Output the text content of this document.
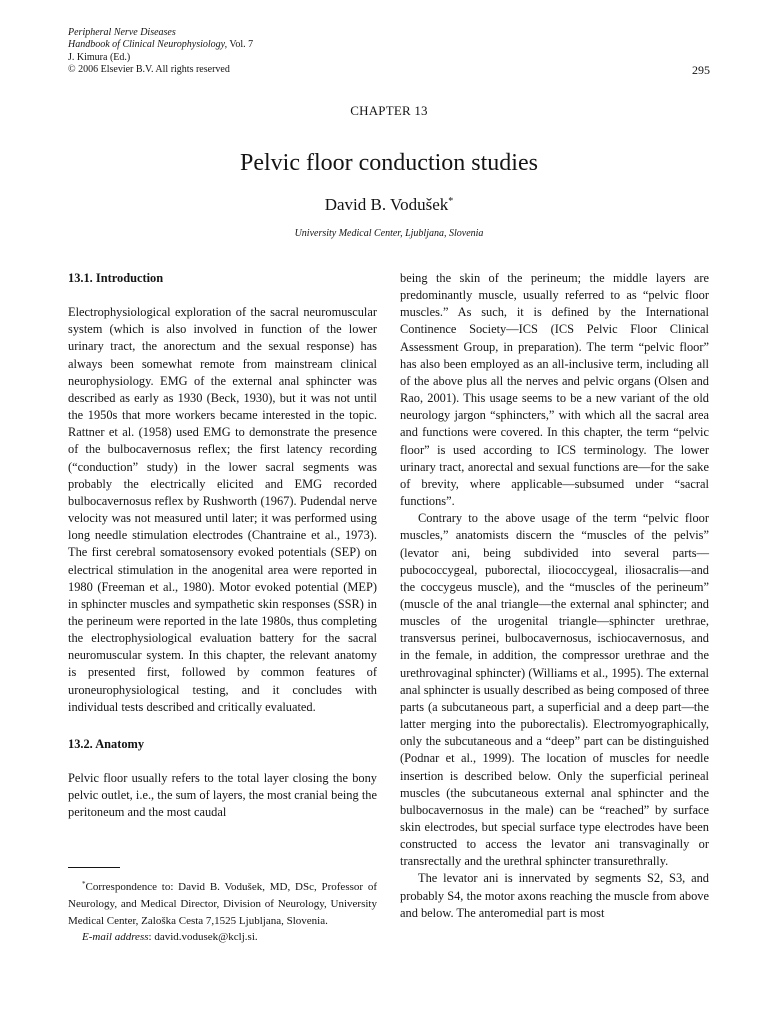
Peripheral Nerve Diseases
Handbook of Clinical Neurophysiology, Vol. 7
J. Kimura (Ed.)
© 2006 Elsevier B.V. All rights reserved	295
CHAPTER 13
Pelvic floor conduction studies
David B. Vodušek*
University Medical Center, Ljubljana, Slovenia
13.1. Introduction

Electrophysiological exploration of the sacral neuromuscular system (which is also involved in function of the lower urinary tract, the anorectum and the sexual response) has always been somewhat remote from mainstream clinical neurophysiology. EMG of the external anal sphincter was described as early as 1930 (Beck, 1930), but it was not until the 1950s that more workers became interested in the topic. Rattner et al. (1958) used EMG to demonstrate the presence of the bulbocavernosus reflex; the first latency recording (“conduction” study) in the lower sacral segments was probably the electrically elicited and EMG recorded bulbocavernosus reflex by Rushworth (1967). Pudendal nerve velocity was not measured until later; it was performed using long needle stimulation electrodes (Chantraine et al., 1973). The first cerebral somatosensory evoked potentials (SEP) on electrical stimulation in the anogenital area were reported in 1980 (Freeman et al., 1980). Motor evoked potential (MEP) in sphincter muscles and sympathetic skin responses (SSR) in the perineum were reported in the late 1980s, thus completing the electrophysiological evaluation battery for the sacral neuromuscular system. In this chapter, the relevant anatomy is presented first, followed by common features of uroneurophysiological testing, and it concludes with individual tests described and critically evaluated.

13.2. Anatomy

Pelvic floor usually refers to the total layer closing the bony pelvic outlet, i.e., the sum of layers, the most cranial being the peritoneum and the most caudal

*Correspondence to: David B. Vodušek, MD, DSc, Professor of Neurology, and Medical Director, Division of Neurology, University Medical Center, Zaloška Cesta 7,1525 Ljubljana, Slovenia.

E-mail address: david.vodusek@kclj.si.

being the skin of the perineum; the middle layers are predominantly muscle, usually referred to as “pelvic floor muscles.” As such, it is defined by the International Continence Society—ICS (ICS Pelvic Floor Clinical Assessment Group, in preparation). The term “pelvic floor” has also been employed as an all-inclusive term, including all of the above plus all the nerves and pelvic organs (Olsen and Rao, 2001). This usage seems to be a new variant of the old neurology jargon “sphincters,” with which all the sacral area and functions were covered. In this chapter, the term “pelvic floor” is used according to ICS terminology. The lower urinary tract, anorectal and sexual functions are—for the sake of brevity, where applicable—subsumed under “sacral functions”.

Contrary to the above usage of the term “pelvic floor muscles,” anatomists discern the “muscles of the pelvis” (levator ani, being subdivided into several parts—pubococcygeal, puborectal, iliococcygeal, iliosacralis—and the coccygeus muscle), and the “muscles of the perineum” (muscle of the anal triangle—the external anal sphincter; and muscles of the urogenital triangle—sphincter urethrae, transversus perinei, bulbocavernosus, ischiocavernosus, and in the female, in addition, the compressor urethrae and the urethrovaginal sphincter) (Williams et al., 1995). The external anal sphincter is usually described as being composed of three parts (a subcutaneous part, a superficial and a deep part—the latter merging into the puborectalis). Electromyographically, only the subcutaneous and a “deep” part can be distinguished (Podnar et al., 1999). The location of muscles for needle insertion is described below. Only the superficial perineal muscles (the subcutaneous external anal sphincter and the bulbocavernosus in the male) can be “reached” by surface skin electrodes, but special surface type electrodes have been constructed to access the levator ani transvaginally or transrectally and the urethral sphincter transurethrally.

The levator ani is innervated by segments S2, S3, and probably S4, the motor axons reaching the muscle from above and below. The anteromedial part is most
